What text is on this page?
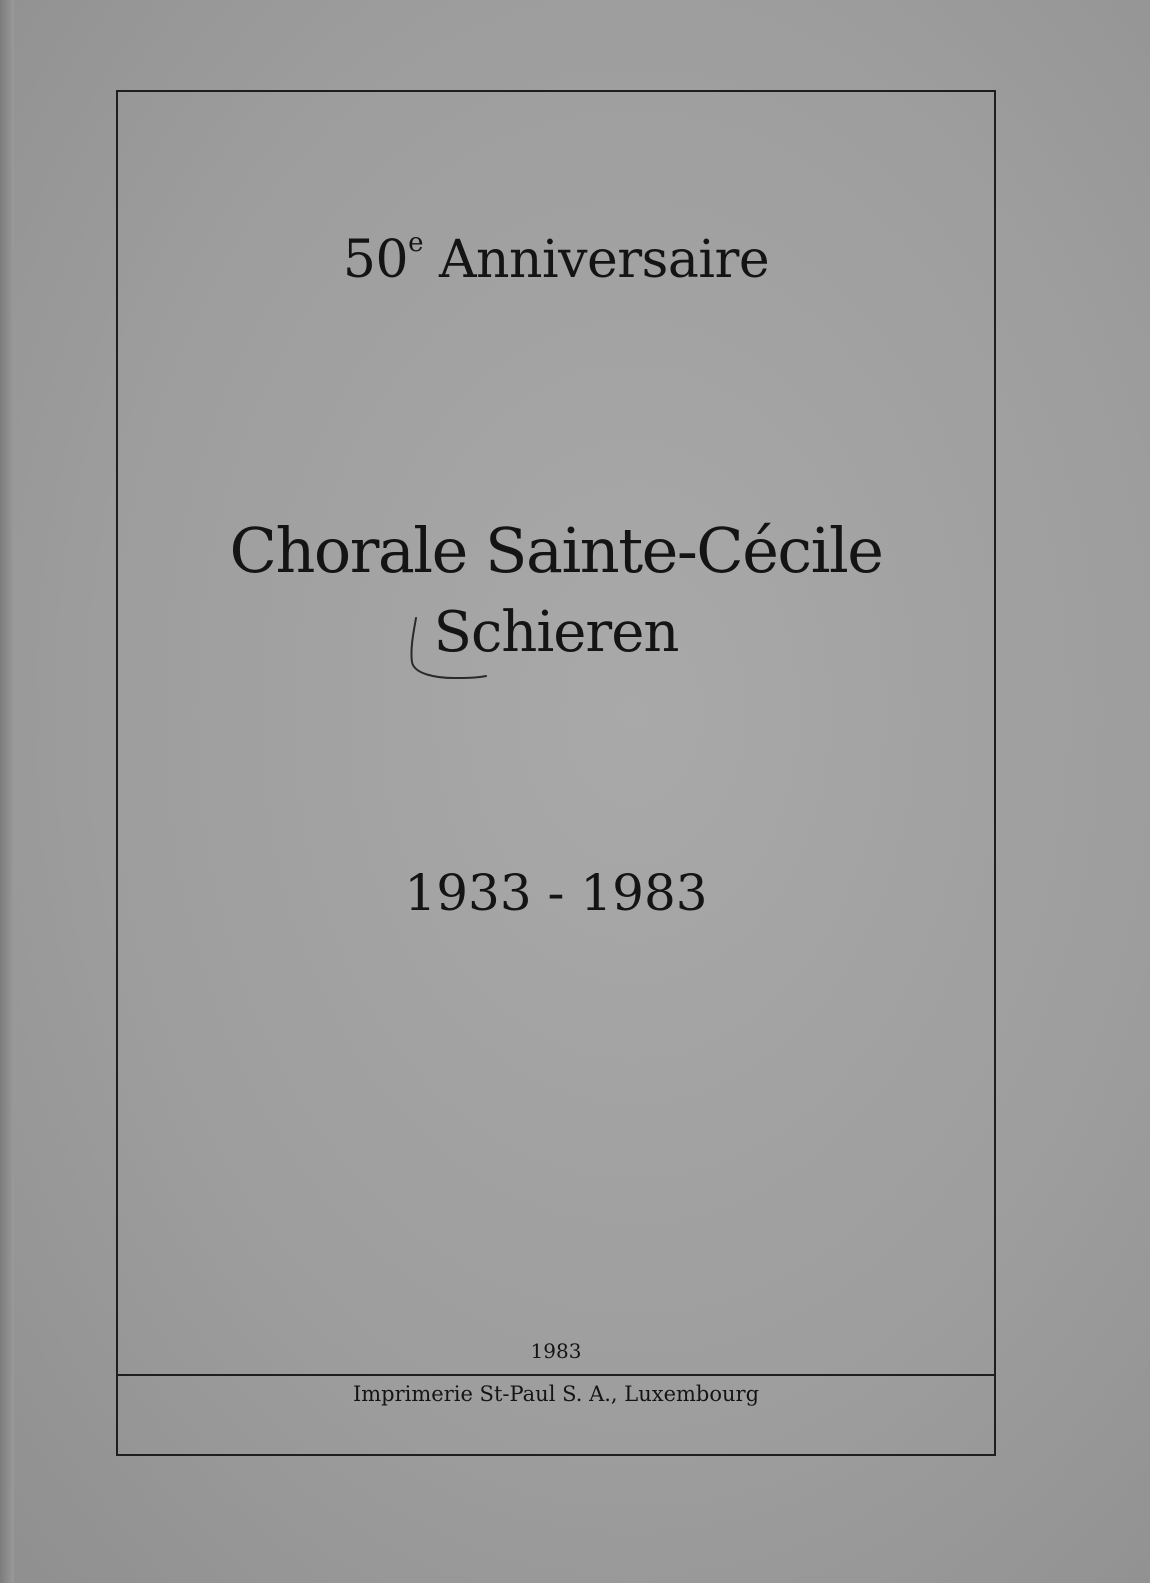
50e Anniversaire
Chorale Sainte-Cécile
Schieren
1933 - 1983
1983
Imprimerie St-Paul S. A., Luxembourg
